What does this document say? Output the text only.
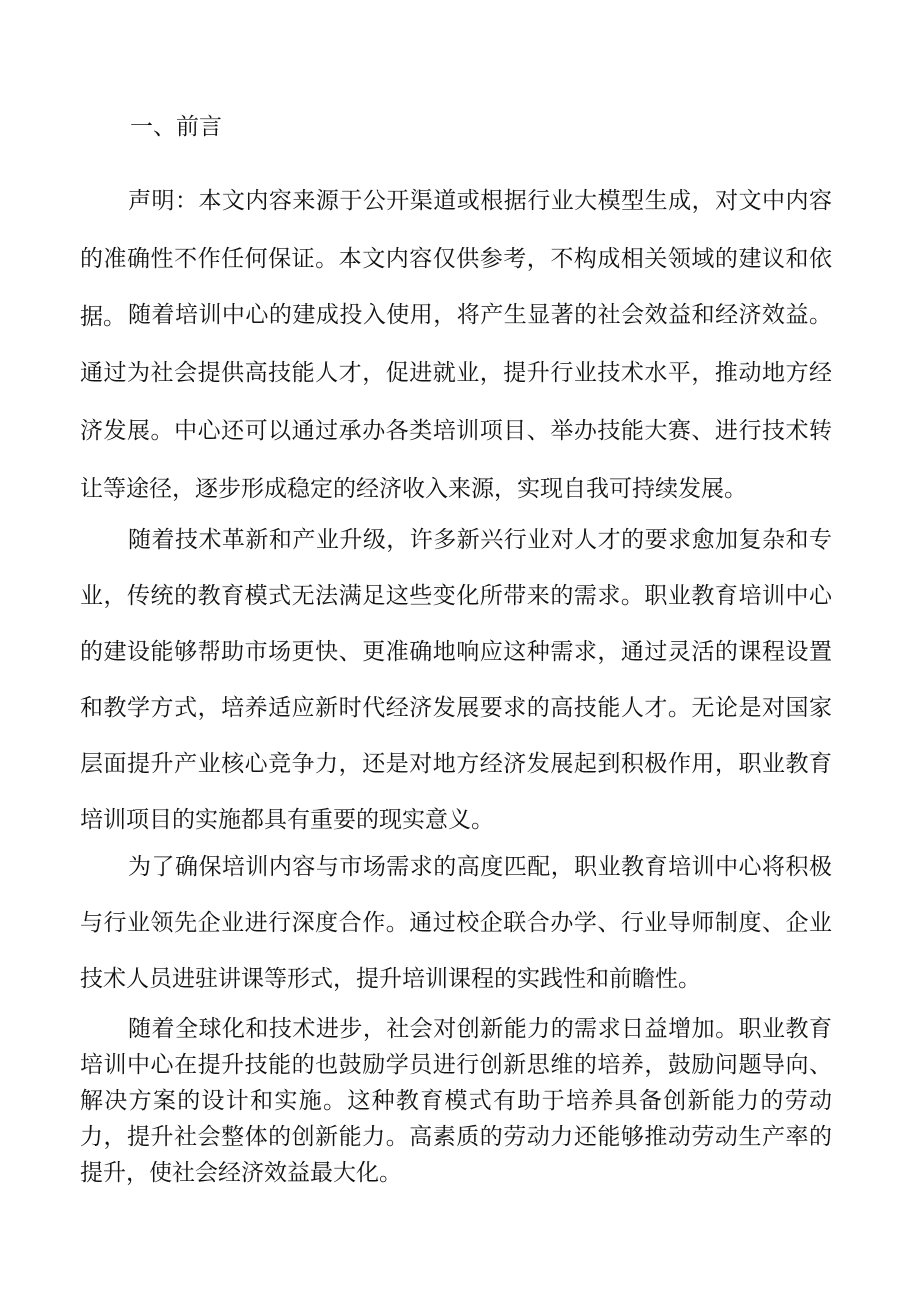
一、前言

声明：本文内容来源于公开渠道或根据行业大模型生成，对文中内容的准确性不作任何保证。本文内容仅供参考，不构成相关领域的建议和依据。 随着培训中心的建成投入使用，将产生显著的社会效益和经济效益。通过为社会提供高技能人才，促进就业，提升行业技术水平，推动地方经济发展。中心还可以通过承办各类培训项目、举办技能大赛、进行技术转让等途径，逐步形成稳定的经济收入来源，实现自我可持续发展。

随着技术革新和产业升级，许多新兴行业对人才的要求愈加复杂和专业，传统的教育模式无法满足这些变化所带来的需求。职业教育培训中心的建设能够帮助市场更快、更准确地响应这种需求，通过灵活的课程设置和教学方式，培养适应新时代经济发展要求的高技能人才。无论是对国家层面提升产业核心竞争力，还是对地方经济发展起到积极作用，职业教育培训项目的实施都具有重要的现实意义。

为了确保培训内容与市场需求的高度匹配，职业教育培训中心将积极与行业领先企业进行深度合作。通过校企联合办学、行业导师制度、企业技术人员进驻讲课等形式，提升培训课程的实践性和前瞻性。

随着全球化和技术进步，社会对创新能力的需求日益增加。职业教育培训中心在提升技能的也鼓励学员进行创新思维的培养，鼓励问题导向、解决方案的设计和实施。这种教育模式有助于培养具备创新能力的劳动力，提升社会整体的创新能力。高素质的劳动力还能够推动劳动生产率的提升，使社会经济效益最大化。
